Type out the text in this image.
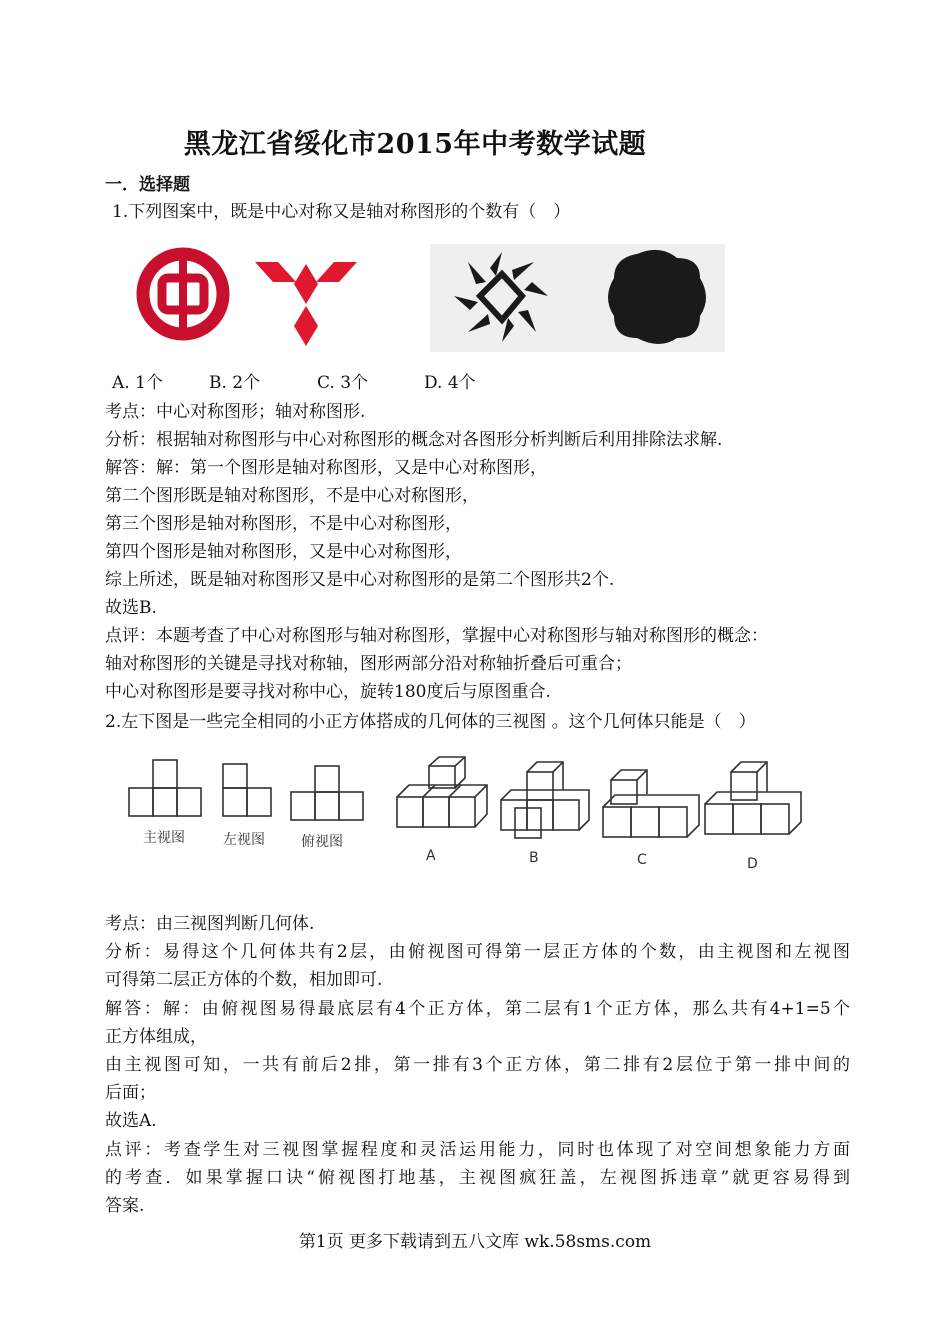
黑龙江省绥化市2015年中考数学试题
一．选择题
1.下列图案中，既是中心对称又是轴对称图形的个数有（　）
A. 1个	B. 2个	C. 3个	D. 4个
考点：中心对称图形；轴对称图形.
分析：根据轴对称图形与中心对称图形的概念对各图形分析判断后利用排除法求解.
解答：解：第一个图形是轴对称图形，又是中心对称图形，
第二个图形既是轴对称图形，不是中心对称图形，
第三个图形是轴对称图形，不是中心对称图形，
第四个图形是轴对称图形，又是中心对称图形，
综上所述，既是轴对称图形又是中心对称图形的是第二个图形共2个.
故选B.
点评：本题考查了中心对称图形与轴对称图形，掌握中心对称图形与轴对称图形的概念：
轴对称图形的关键是寻找对称轴，图形两部分沿对称轴折叠后可重合；
中心对称图形是要寻找对称中心，旋转180度后与原图重合.
2.左下图是一些完全相同的小正方体搭成的几何体的三视图 。这个几何体只能是（　）
主视图	左视图	俯视图
A	B	C	D
考点：由三视图判断几何体.
分析：易得这个几何体共有2层，由俯视图可得第一层正方体的个数，由主视图和左视图
可得第二层正方体的个数，相加即可.
解答：解：由俯视图易得最底层有4个正方体，第二层有1个正方体，那么共有4+1=5个
正方体组成，
由主视图可知，一共有前后2排，第一排有3个正方体，第二排有2层位于第一排中间的
后面；
故选A.
点评：考查学生对三视图掌握程度和灵活运用能力，同时也体现了对空间想象能力方面
的考查．如果掌握口诀“俯视图打地基，主视图疯狂盖，左视图拆违章”就更容易得到
答案.
第1页 更多下载请到五八文库 wk.58sms.com
